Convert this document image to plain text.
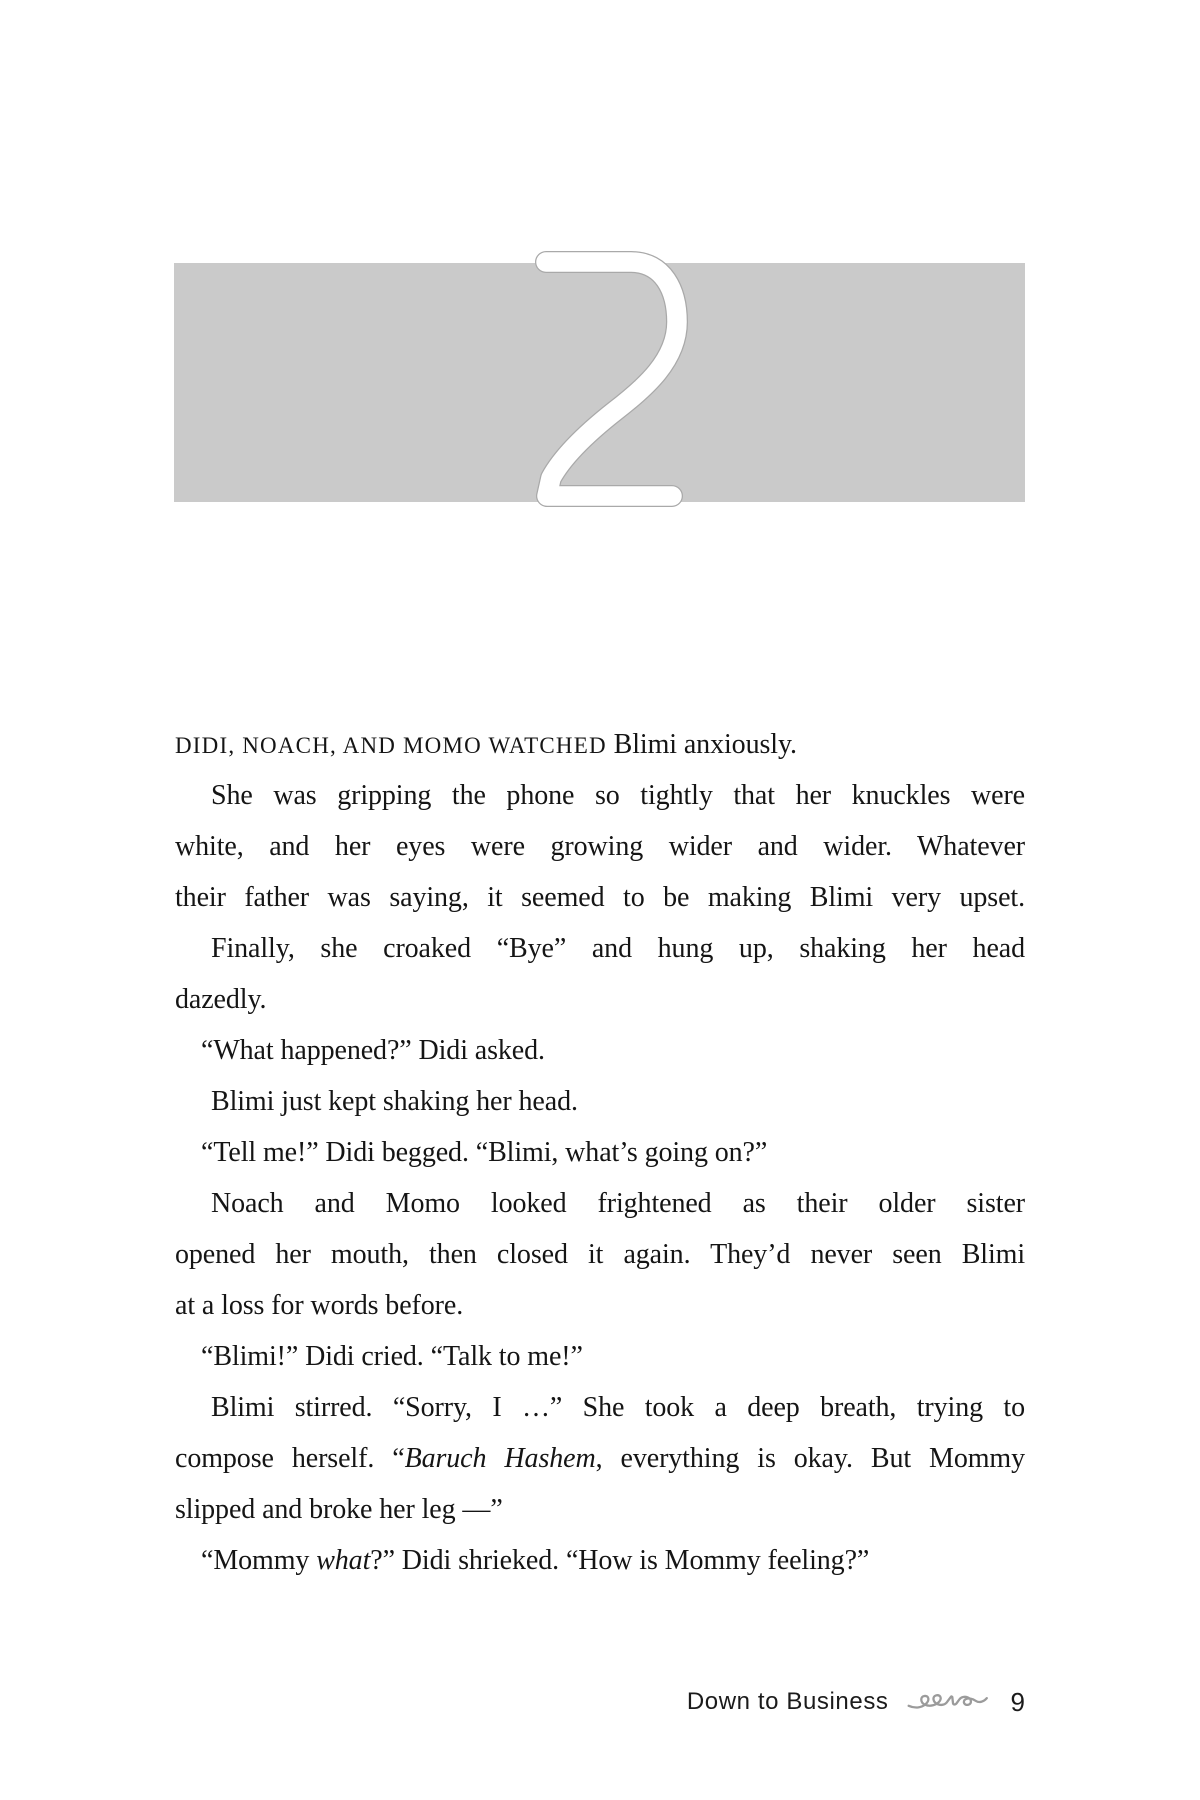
DIDI, NOACH, AND MOMO WATCHED Blimi anxiously.
She was gripping the phone so tightly that her knuckles were
white, and her eyes were growing wider and wider. Whatever
their father was saying, it seemed to be making Blimi very upset.
Finally, she croaked “Bye” and hung up, shaking her head
dazedly.
“What happened?” Didi asked.
Blimi just kept shaking her head.
“Tell me!” Didi begged. “Blimi, what’s going on?”
Noach and Momo looked frightened as their older sister
opened her mouth, then closed it again. They’d never seen Blimi
at a loss for words before.
“Blimi!” Didi cried. “Talk to me!”
Blimi stirred. “Sorry, I …” She took a deep breath, trying to
compose herself. “Baruch Hashem, everything is okay. But Mommy
slipped and broke her leg —”
“Mommy what?” Didi shrieked. “How is Mommy feeling?”
Down to Business	9
